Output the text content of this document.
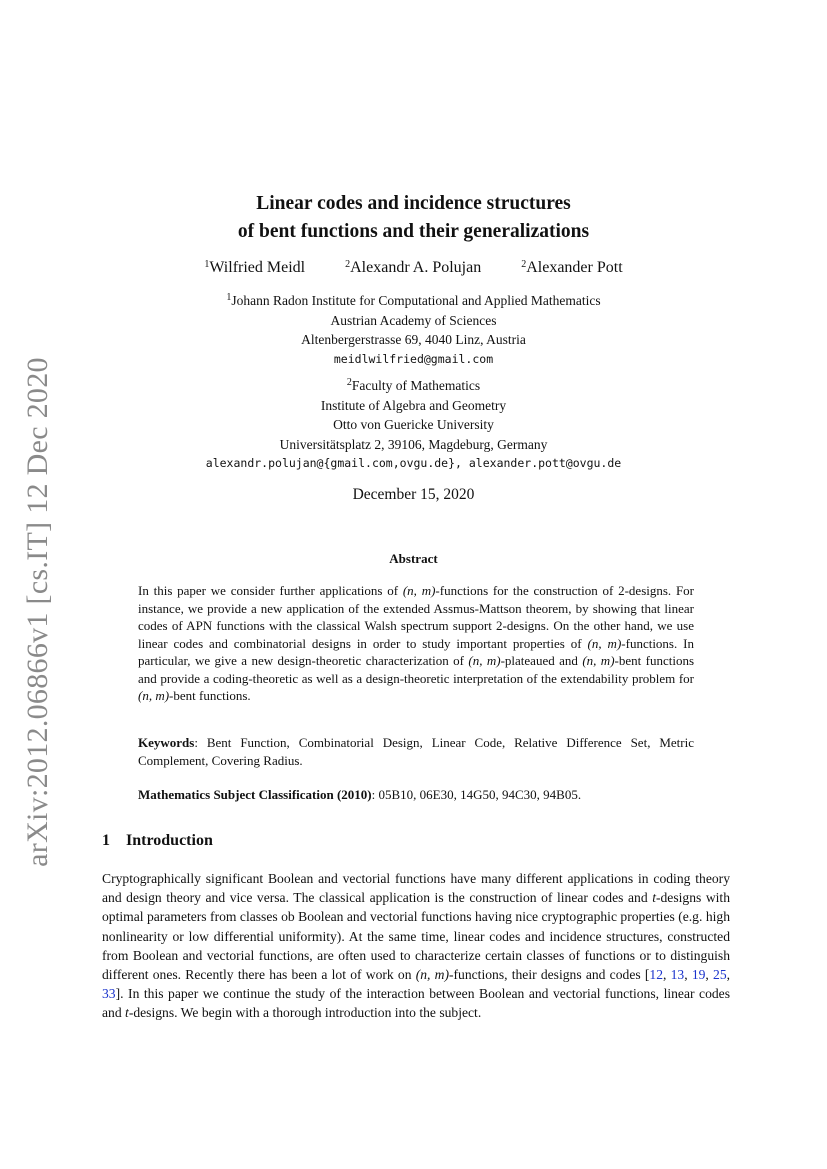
arXiv:2012.06866v1 [cs.IT] 12 Dec 2020
Linear codes and incidence structures
of bent functions and their generalizations
$^1$Wilfried Meidl	$^2$Alexandr A. Polujan	$^2$Alexander Pott
$^1$Johann Radon Institute for Computational and Applied Mathematics
Austrian Academy of Sciences
Altenbergerstrasse 69, 4040 Linz, Austria
meidlwilfried@gmail.com
$^2$Faculty of Mathematics
Institute of Algebra and Geometry
Otto von Guericke University
Universitätsplatz 2, 39106, Magdeburg, Germany
alexandr.polujan@{gmail.com,ovgu.de}, alexander.pott@ovgu.de
December 15, 2020
Abstract
In this paper we consider further applications of (n, m)-functions for the construction of 2-designs. For instance, we provide a new application of the extended Assmus-Mattson theorem, by showing that linear codes of APN functions with the classical Walsh spectrum support 2-designs. On the other hand, we use linear codes and combinatorial designs in order to study important properties of (n, m)-functions. In particular, we give a new design-theoretic characterization of (n, m)-plateaued and (n, m)-bent functions and provide a coding-theoretic as well as a design-theoretic interpretation of the extendability problem for (n, m)-bent functions.
Keywords: Bent Function, Combinatorial Design, Linear Code, Relative Difference Set, Metric Complement, Covering Radius.
Mathematics Subject Classification (2010): 05B10, 06E30, 14G50, 94C30, 94B05.
1 Introduction
Cryptographically significant Boolean and vectorial functions have many different applications in coding theory and design theory and vice versa. The classical application is the construction of linear codes and t-designs with optimal parameters from classes ob Boolean and vectorial functions having nice cryptographic properties (e.g. high nonlinearity or low differential uniformity). At the same time, linear codes and incidence structures, constructed from Boolean and vectorial functions, are often used to characterize certain classes of functions or to distinguish different ones. Recently there has been a lot of work on (n, m)-functions, their designs and codes [12, 13, 19, 25, 33]. In this paper we continue the study of the interaction between Boolean and vectorial functions, linear codes and t-designs. We begin with a thorough introduction into the subject.
